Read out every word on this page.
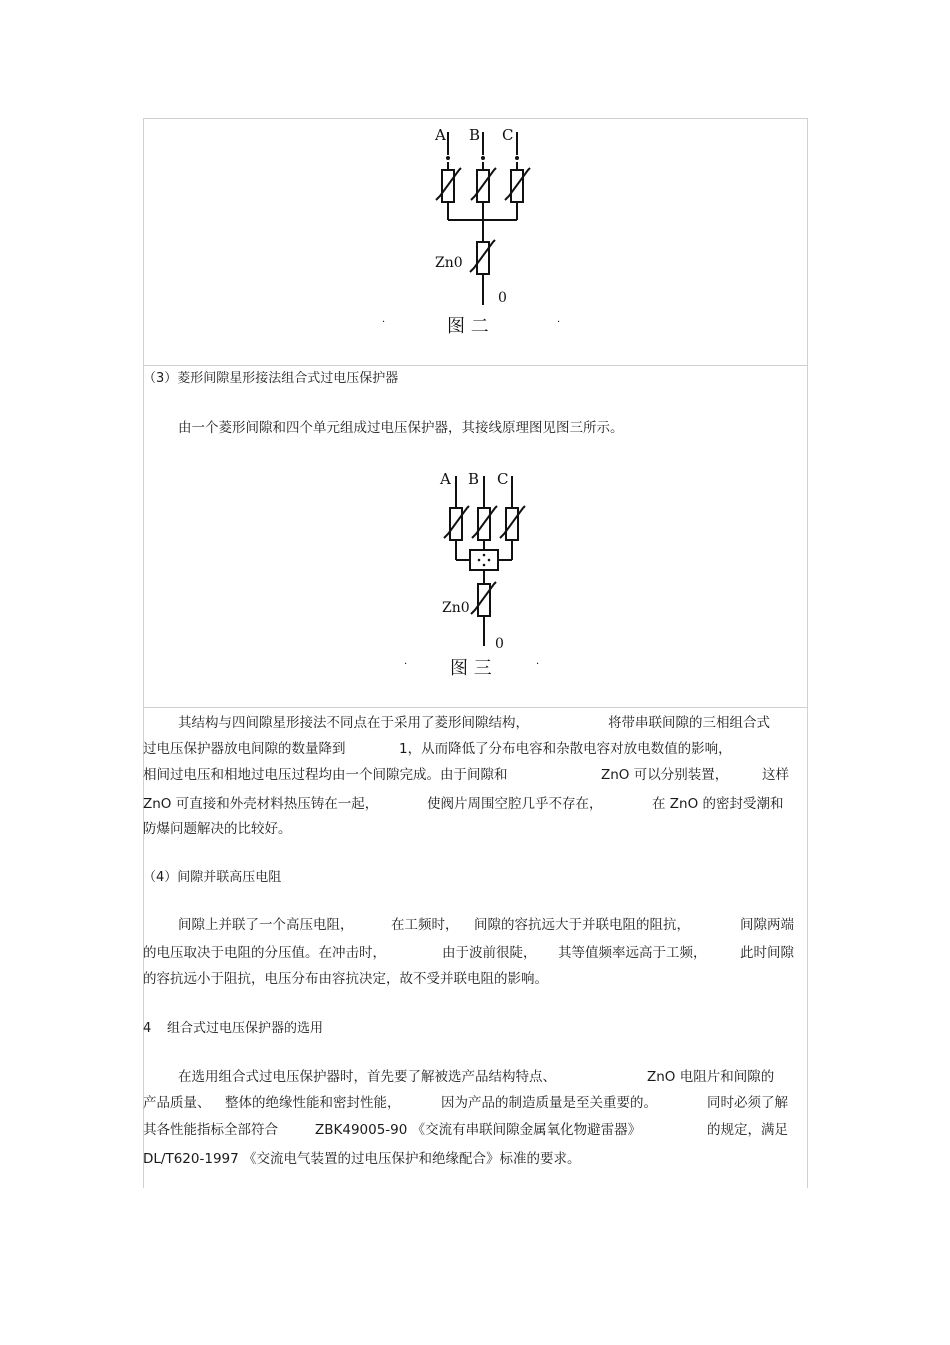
A B C
Zn0
0
图 二
·	·
（3）菱形间隙星形接法组合式过电压保护器
由一个菱形间隙和四个单元组成过电压保护器，其接线原理图见图三所示。
A B C
Zn0
0
图 三
·	·
其结构与四间隙星形接法不同点在于采用了菱形间隙结构，	将带串联间隙的三相组合式
过电压保护器放电间隙的数量降到	1，从而降低了分布电容和杂散电容对放电数值的影响，
相间过电压和相地过电压过程均由一个间隙完成。由于间隙和	ZnO 可以分别装置，	这样
ZnO 可直接和外壳材料热压铸在一起，	使阀片周围空腔几乎不存在，	在 ZnO 的密封受潮和
防爆问题解决的比较好。
（4）间隙并联高压电阻
间隙上并联了一个高压电阻，	在工频时， 间隙的容抗远大于并联电阻的阻抗，	间隙两端
的电压取决于电阻的分压值。在冲击时，	由于波前很陡， 其等值频率远高于工频， 此时间隙
的容抗远小于阻抗，电压分布由容抗决定，故不受并联电阻的影响。
4 组合式过电压保护器的选用
在选用组合式过电压保护器时，首先要了解被选产品结构特点、	ZnO 电阻片和间隙的
产品质量、 整体的绝缘性能和密封性能，	因为产品的制造质量是至关重要的。	同时必须了解
其各性能指标全部符合	ZBK49005-90 《交流有串联间隙金属氧化物避雷器》	的规定，满足
DL/T620-1997 《交流电气装置的过电压保护和绝缘配合》标准的要求。
